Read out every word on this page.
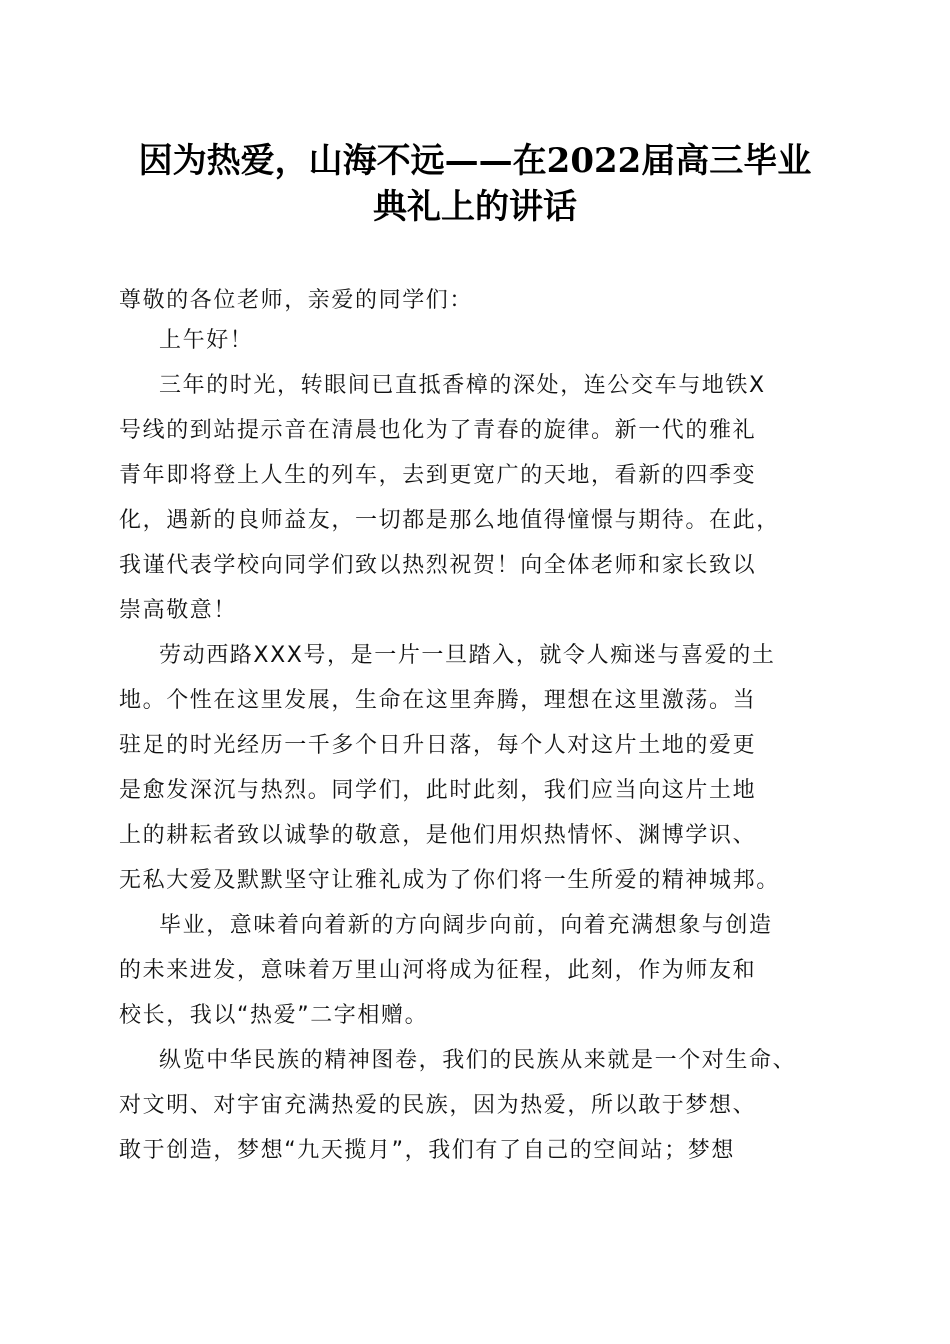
因为热爱，山海不远——在2022届高三毕业
典礼上的讲话
尊敬的各位老师，亲爱的同学们：
上午好！
三年的时光，转眼间已直抵香樟的深处，连公交车与地铁X
号线的到站提示音在清晨也化为了青春的旋律。新一代的雅礼
青年即将登上人生的列车，去到更宽广的天地，看新的四季变
化，遇新的良师益友，一切都是那么地值得憧憬与期待。在此，
我谨代表学校向同学们致以热烈祝贺！向全体老师和家长致以
崇高敬意！
劳动西路XXX号，是一片一旦踏入，就令人痴迷与喜爱的土
地。个性在这里发展，生命在这里奔腾，理想在这里激荡。当
驻足的时光经历一千多个日升日落，每个人对这片土地的爱更
是愈发深沉与热烈。同学们，此时此刻，我们应当向这片土地
上的耕耘者致以诚挚的敬意，是他们用炽热情怀、渊博学识、
无私大爱及默默坚守让雅礼成为了你们将一生所爱的精神城邦。
毕业，意味着向着新的方向阔步向前，向着充满想象与创造
的未来进发，意味着万里山河将成为征程，此刻，作为师友和
校长，我以“热爱”二字相赠。
纵览中华民族的精神图卷，我们的民族从来就是一个对生命、
对文明、对宇宙充满热爱的民族，因为热爱，所以敢于梦想、
敢于创造，梦想“九天揽月”，我们有了自己的空间站；梦想
